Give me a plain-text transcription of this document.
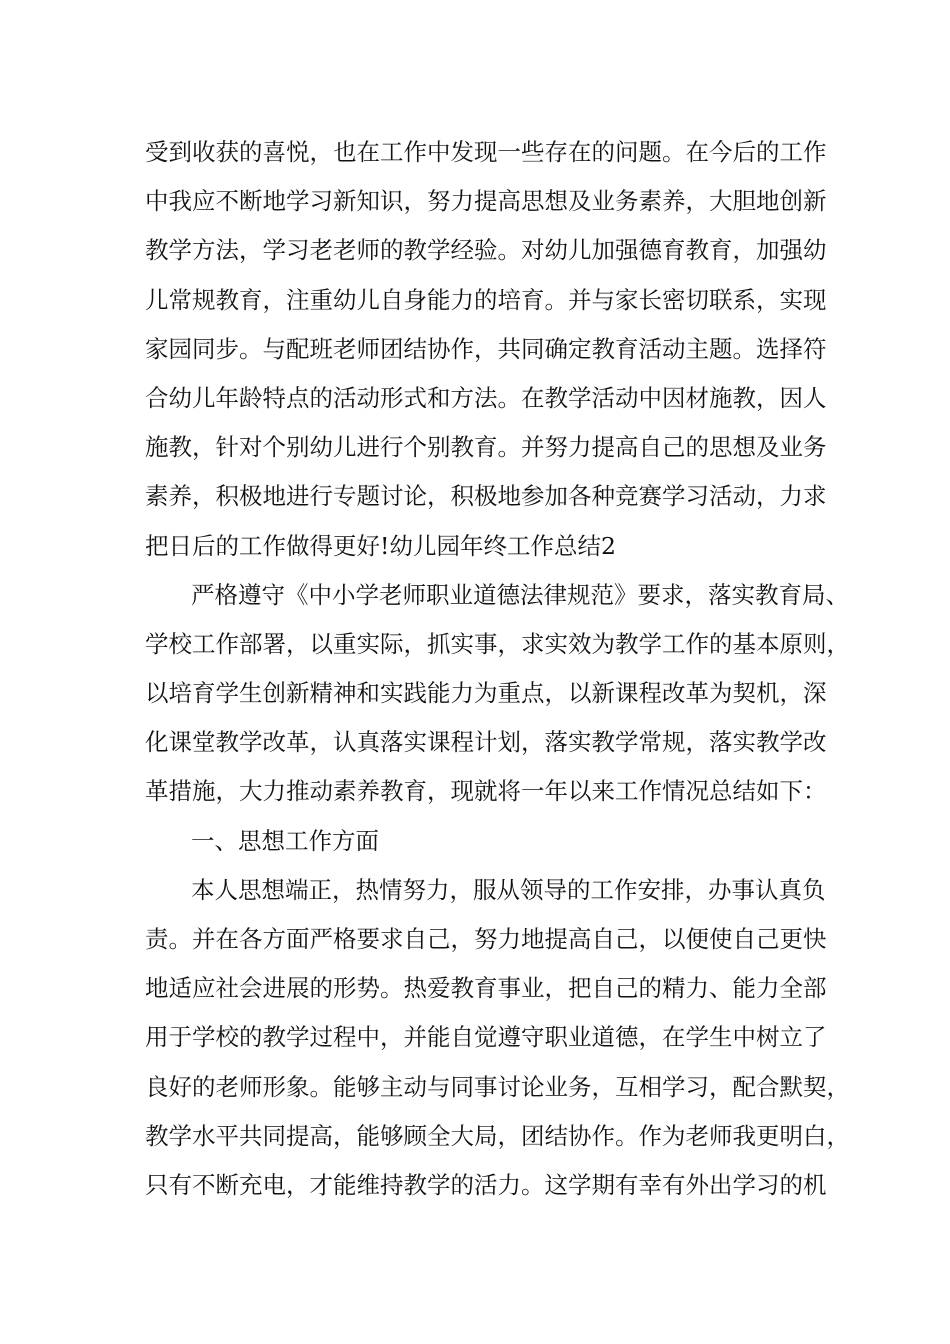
受到收获的喜悦，也在工作中发现一些存在的问题。在今后的工作
中我应不断地学习新知识，努力提高思想及业务素养，大胆地创新
教学方法，学习老老师的教学经验。对幼儿加强德育教育，加强幼
儿常规教育，注重幼儿自身能力的培育。并与家长密切联系，实现
家园同步。与配班老师团结协作，共同确定教育活动主题。选择符
合幼儿年龄特点的活动形式和方法。在教学活动中因材施教，因人
施教，针对个别幼儿进行个别教育。并努力提高自己的思想及业务
素养，积极地进行专题讨论，积极地参加各种竞赛学习活动，力求
把日后的工作做得更好!幼儿园年终工作总结2
严格遵守《中小学老师职业道德法律规范》要求，落实教育局、
学校工作部署，以重实际，抓实事，求实效为教学工作的基本原则，
以培育学生创新精神和实践能力为重点，以新课程改革为契机，深
化课堂教学改革，认真落实课程计划，落实教学常规，落实教学改
革措施，大力推动素养教育，现就将一年以来工作情况总结如下：
一、思想工作方面
本人思想端正，热情努力，服从领导的工作安排，办事认真负
责。并在各方面严格要求自己，努力地提高自己，以便使自己更快
地适应社会进展的形势。热爱教育事业，把自己的精力、能力全部
用于学校的教学过程中，并能自觉遵守职业道德，在学生中树立了
良好的老师形象。能够主动与同事讨论业务，互相学习，配合默契，
教学水平共同提高，能够顾全大局，团结协作。作为老师我更明白，
只有不断充电，才能维持教学的活力。这学期有幸有外出学习的机
